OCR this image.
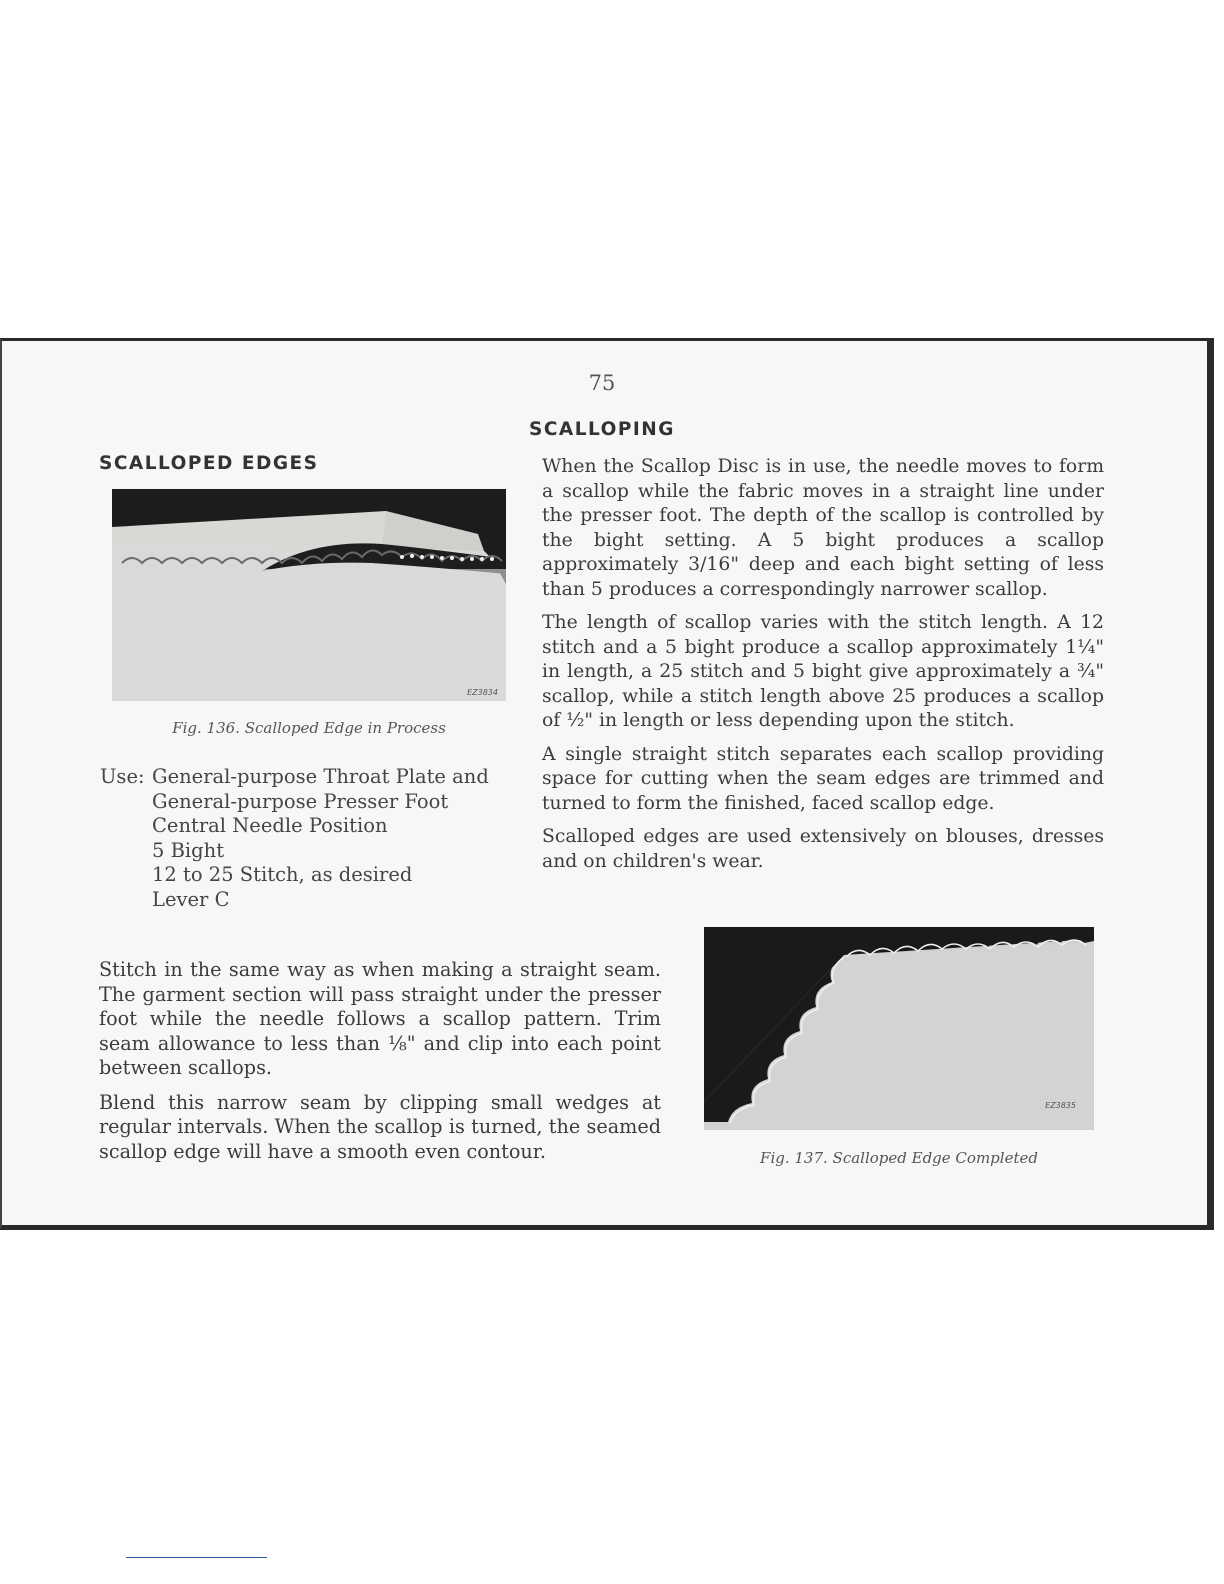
75
SCALLOPED EDGES
SCALLOPING
EZ3834
Fig. 136. Scalloped Edge in Process
Use: General-purpose Throat Plate and
General-purpose Presser Foot
Central Needle Position
5 Bight
12 to 25 Stitch, as desired
Lever C

When the Scallop Disc is in use, the needle moves to form a scallop while the fabric moves in a straight line under the presser foot. The depth of the scallop is controlled by the bight setting. A 5 bight produces a scallop approximately 3/16" deep and each bight setting of less than 5 produces a correspondingly narrower scallop.

The length of scallop varies with the stitch length. A 12 stitch and a 5 bight produce a scallop approximately 1¼" in length, a 25 stitch and 5 bight give approximately a ¾" scallop, while a stitch length above 25 produces a scallop of ½" in length or less depending upon the stitch.

A single straight stitch separates each scallop providing space for cutting when the seam edges are trimmed and turned to form the finished, faced scallop edge.

Scalloped edges are used extensively on blouses, dresses and on children's wear.

Stitch in the same way as when making a straight seam. The garment section will pass straight under the presser foot while the needle follows a scallop pattern. Trim seam allowance to less than ⅛" and clip into each point between scallops.

Blend this narrow seam by clipping small wedges at regular intervals. When the scallop is turned, the seamed scallop edge will have a smooth even contour.

EZ3835
Fig. 137. Scalloped Edge Completed
